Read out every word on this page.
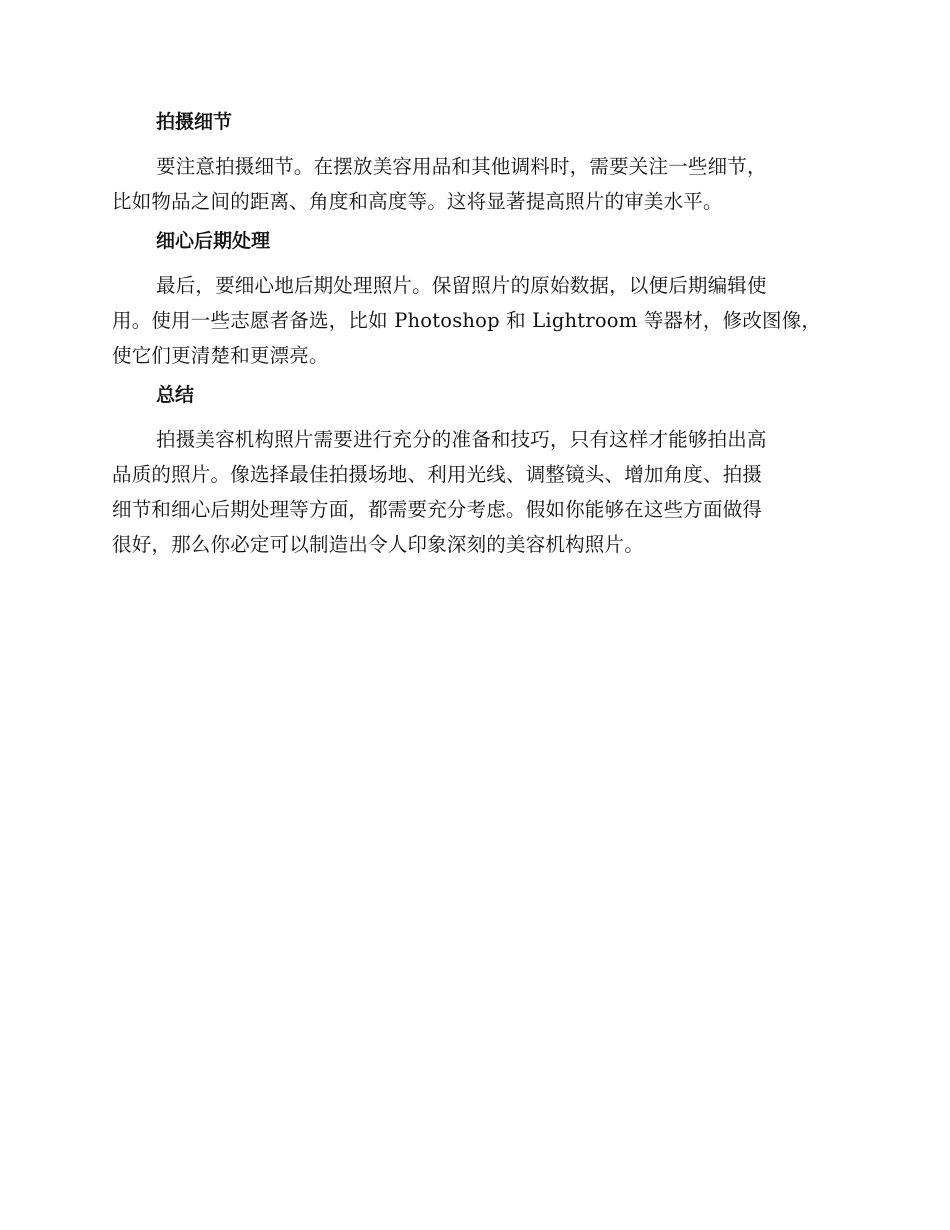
拍摄细节
要注意拍摄细节。在摆放美容用品和其他调料时，需要关注一些细节，
比如物品之间的距离、角度和高度等。这将显著提高照片的审美水平。
细心后期处理
最后，要细心地后期处理照片。保留照片的原始数据，以便后期编辑使
用。使用一些志愿者备选，比如 Photoshop 和 Lightroom 等器材，修改图像，
使它们更清楚和更漂亮。
总结
拍摄美容机构照片需要进行充分的准备和技巧，只有这样才能够拍出高
品质的照片。像选择最佳拍摄场地、利用光线、调整镜头、增加角度、拍摄
细节和细心后期处理等方面，都需要充分考虑。假如你能够在这些方面做得
很好，那么你必定可以制造出令人印象深刻的美容机构照片。
